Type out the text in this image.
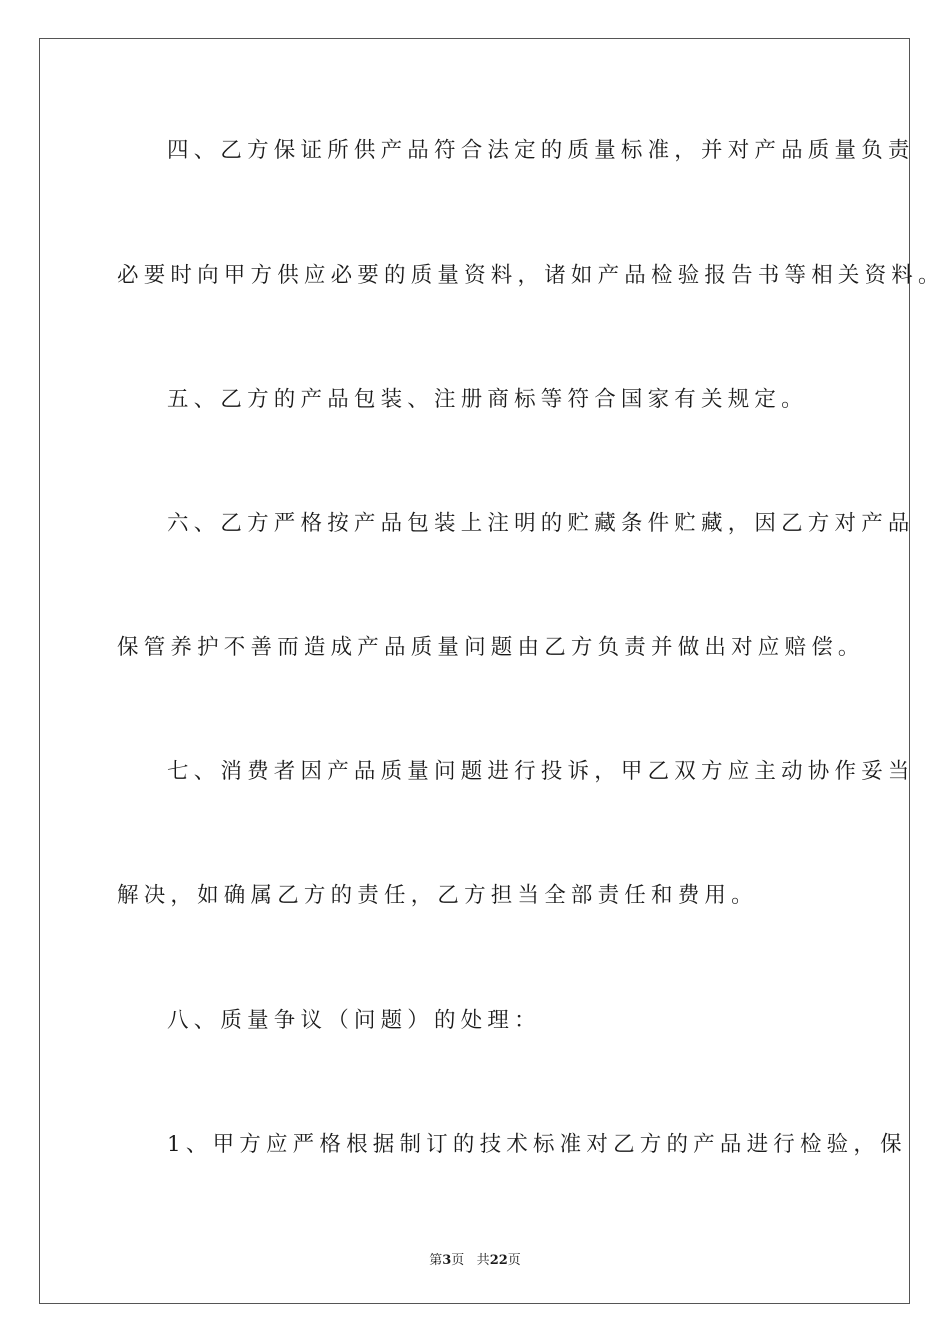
四、乙方保证所供产品符合法定的质量标准，并对产品质量负责
必要时向甲方供应必要的质量资料，诸如产品检验报告书等相关资料。
五、乙方的产品包装、注册商标等符合国家有关规定。
六、乙方严格按产品包装上注明的贮藏条件贮藏，因乙方对产品
保管养护不善而造成产品质量问题由乙方负责并做出对应赔偿。
七、消费者因产品质量问题进行投诉，甲乙双方应主动协作妥当
解决，如确属乙方的责任，乙方担当全部责任和费用。
八、质量争议（问题）的处理：
1、甲方应严格根据制订的技术标准对乙方的产品进行检验，保
第3页 共22页
